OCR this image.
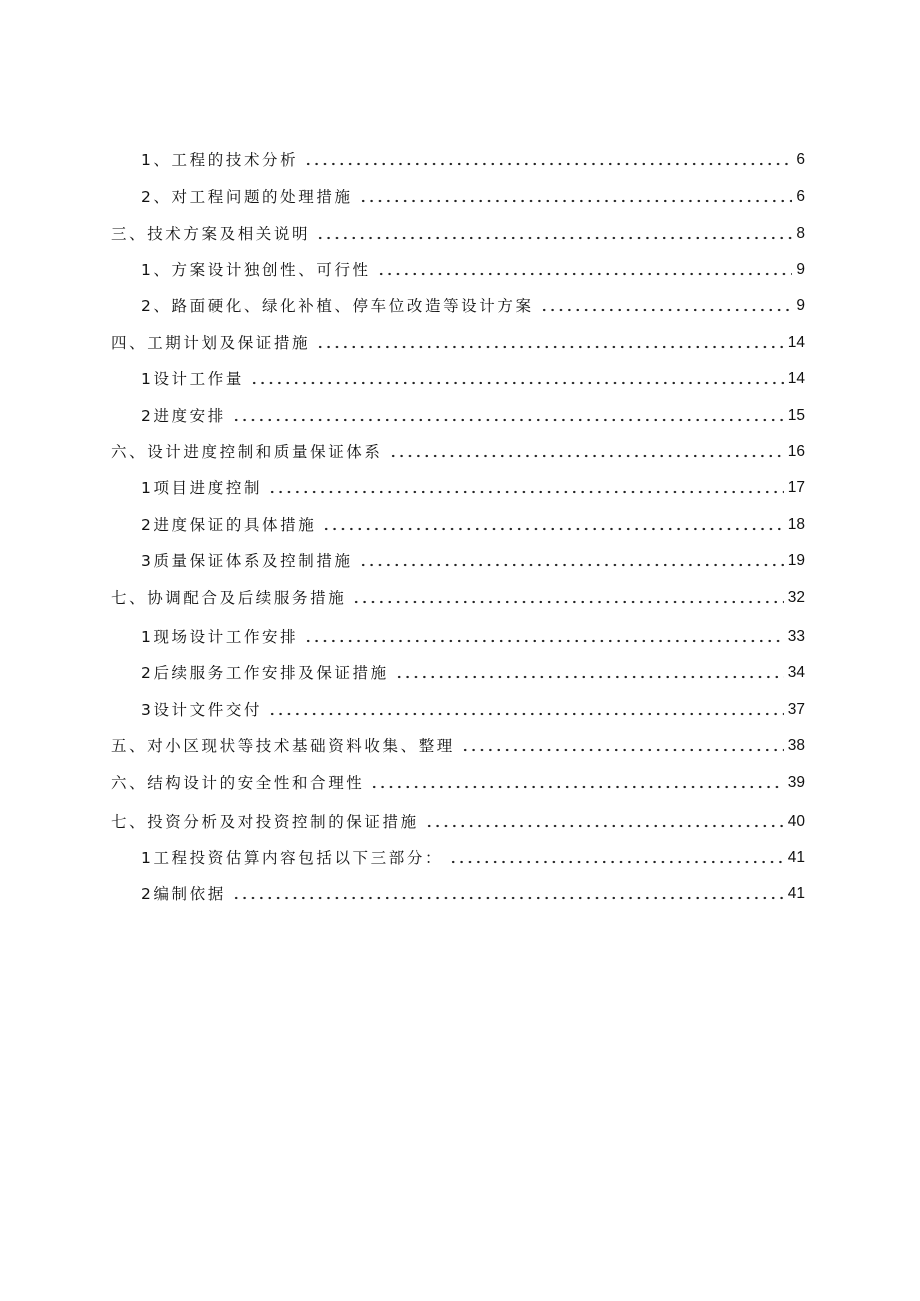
1、工程的技术分析	6
2、对工程问题的处理措施	6
三、技术方案及相关说明	8
1、方案设计独创性、可行性	9
2、路面硬化、绿化补植、停车位改造等设计方案	9
四、工期计划及保证措施	14
1设计工作量	14
2进度安排	15
六、设计进度控制和质量保证体系	16
1项目进度控制	17
2进度保证的具体措施	18
3质量保证体系及控制措施	19
七、协调配合及后续服务措施	32
1现场设计工作安排	33
2后续服务工作安排及保证措施	34
3设计文件交付	37
五、对小区现状等技术基础资料收集、整理	38
六、结构设计的安全性和合理性	39
七、投资分析及对投资控制的保证措施	40
1工程投资估算内容包括以下三部分：	41
2编制依据	41
